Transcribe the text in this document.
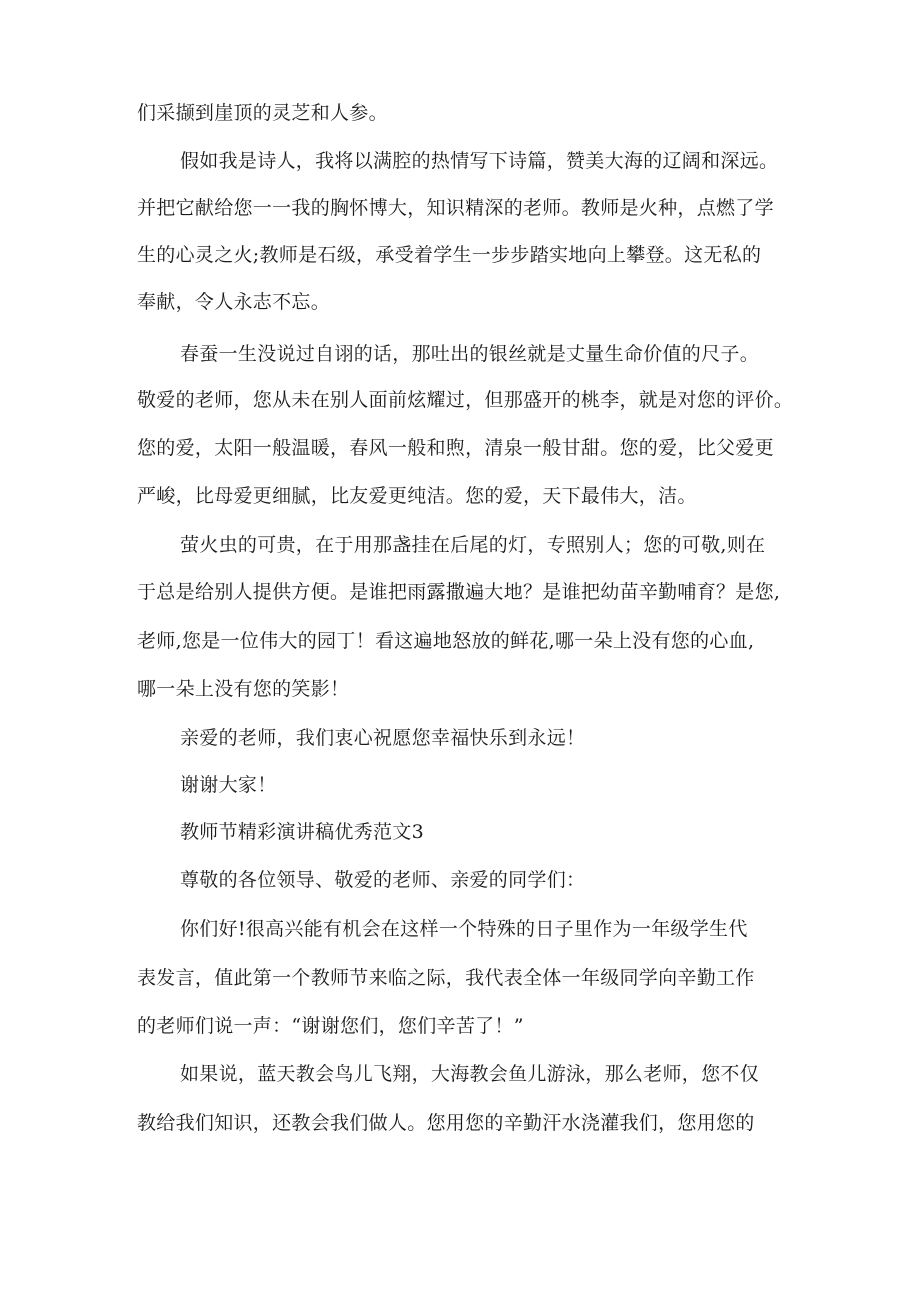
们采撷到崖顶的灵芝和人参。
假如我是诗人，我将以满腔的热情写下诗篇，赞美大海的辽阔和深远。
并把它献给您一一我的胸怀博大，知识精深的老师。教师是火种，点燃了学
生的心灵之火;教师是石级，承受着学生一步步踏实地向上攀登。这无私的
奉献，令人永志不忘。
春蚕一生没说过自诩的话，那吐出的银丝就是丈量生命价值的尺子。
敬爱的老师，您从未在别人面前炫耀过，但那盛开的桃李，就是对您的评价。
您的爱，太阳一般温暖，春风一般和煦，清泉一般甘甜。您的爱，比父爱更
严峻，比母爱更细腻，比友爱更纯洁。您的爱，天下最伟大，洁。
萤火虫的可贵，在于用那盏挂在后尾的灯，专照别人；您的可敬,则在
于总是给别人提供方便。是谁把雨露撒遍大地？是谁把幼苗辛勤哺育？是您,
老师,您是一位伟大的园丁！看这遍地怒放的鲜花,哪一朵上没有您的心血,
哪一朵上没有您的笑影！
亲爱的老师，我们衷心祝愿您幸福快乐到永远！
谢谢大家！
教师节精彩演讲稿优秀范文3
尊敬的各位领导、敬爱的老师、亲爱的同学们：
你们好!很高兴能有机会在这样一个特殊的日子里作为一年级学生代
表发言，值此第一个教师节来临之际，我代表全体一年级同学向辛勤工作
的老师们说一声：“谢谢您们，您们辛苦了！”
如果说，蓝天教会鸟儿飞翔，大海教会鱼儿游泳，那么老师，您不仅
教给我们知识，还教会我们做人。您用您的辛勤汗水浇灌我们，您用您的
